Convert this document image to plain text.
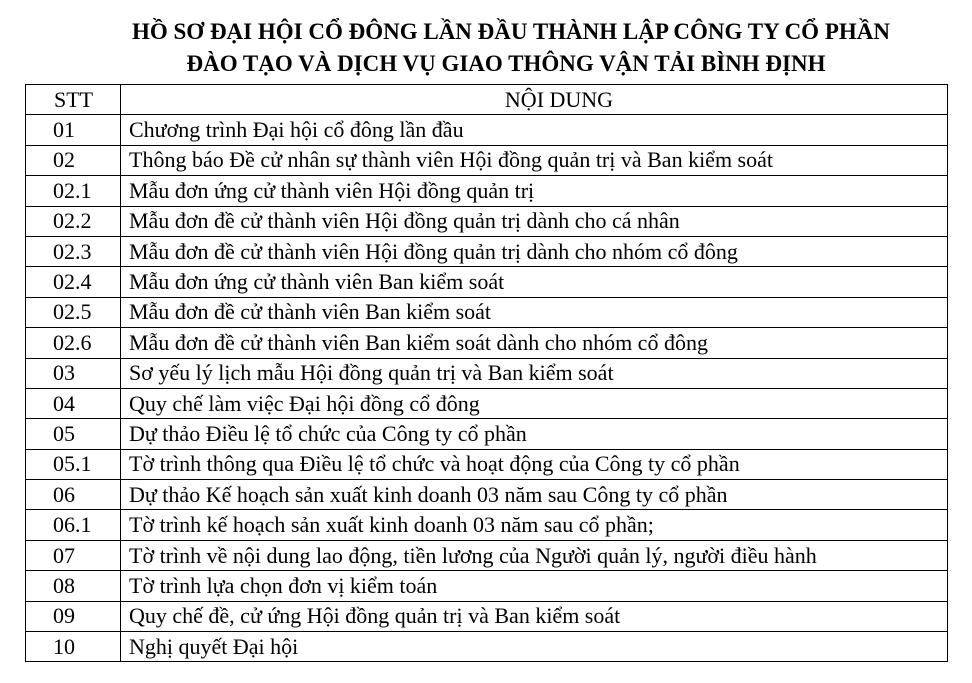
HỒ SƠ ĐẠI HỘI CỔ ĐÔNG LẦN ĐẦU THÀNH LẬP CÔNG TY CỔ PHẦN
ĐÀO TẠO VÀ DỊCH VỤ GIAO THÔNG VẬN TẢI BÌNH ĐỊNH
STT	NỘI DUNG
01	Chương trình Đại hội cổ đông lần đầu
02	Thông báo Đề cử nhân sự thành viên Hội đồng quản trị và Ban kiểm soát
02.1	Mẫu đơn ứng cử thành viên Hội đồng quản trị
02.2	Mẫu đơn đề cử thành viên Hội đồng quản trị dành cho cá nhân
02.3	Mẫu đơn đề cử thành viên Hội đồng quản trị dành cho nhóm cổ đông
02.4	Mẫu đơn ứng cử thành viên Ban kiểm soát
02.5	Mẫu đơn đề cử thành viên Ban kiểm soát
02.6	Mẫu đơn đề cử thành viên Ban kiểm soát dành cho nhóm cổ đông
03	Sơ yếu lý lịch mẫu Hội đồng quản trị và Ban kiểm soát
04	Quy chế làm việc Đại hội đồng cổ đông
05	Dự thảo Điều lệ tổ chức của Công ty cổ phần
05.1	Tờ trình thông qua Điều lệ tổ chức và hoạt động của Công ty cổ phần
06	Dự thảo Kế hoạch sản xuất kinh doanh 03 năm sau Công ty cổ phần
06.1	Tờ trình kế hoạch sản xuất kinh doanh 03 năm sau cổ phần;
07	Tờ trình về nội dung lao động, tiền lương của Người quản lý, người điều hành
08	Tờ trình lựa chọn đơn vị kiểm toán
09	Quy chế đề, cử ứng Hội đồng quản trị và Ban kiểm soát
10	Nghị quyết Đại hội
